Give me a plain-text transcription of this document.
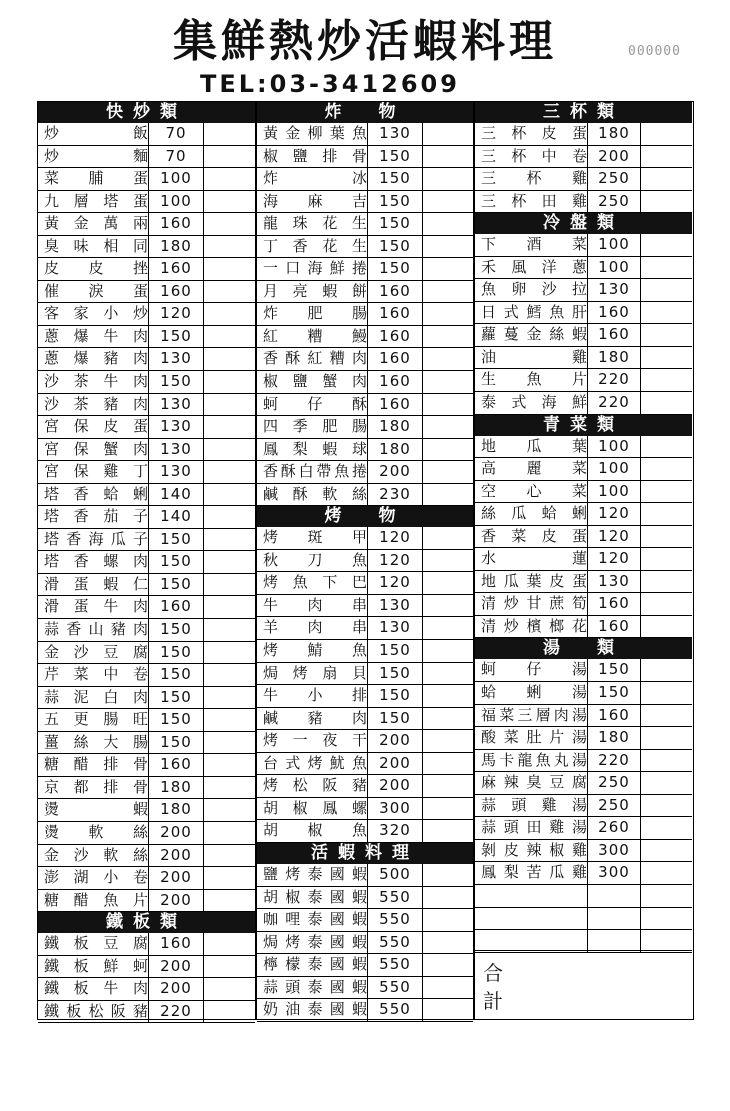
集鮮熱炒活蝦料理
TEL:03-3412609
000000
快炒類
炒飯	70
炒麵	70
菜脯蛋 100
九層塔蛋 100
黃金萬兩 160
臭味相同 180
皮皮挫 160
催淚蛋 160
客家小炒 120
蔥爆牛肉 150
蔥爆豬肉 130
沙茶牛肉 150
沙茶豬肉 130
宮保皮蛋 130
宮保蟹肉 130
宮保雞丁 130
塔香蛤蜊 140
塔香茄子 140
塔香海瓜子 150
塔香螺肉 150
滑蛋蝦仁 150
滑蛋牛肉 160
蒜香山豬肉 150
金沙豆腐 150
芹菜中卷 150
蒜泥白肉 150
五更腸旺 150
薑絲大腸 150
糖醋排骨 160
京都排骨 180
燙蝦 180
燙軟絲 200
金沙軟絲 200
澎湖小卷 200
糖醋魚片 200
鐵板類
鐵板豆腐 160
鐵板鮮蚵 200
鐵板牛肉 200
鐵板松阪豬 220
炸　物
黃金柳葉魚 130
椒鹽排骨 150
炸冰 150
海麻吉 150
龍珠花生 150
丁香花生 150
一口海鮮捲 150
月亮蝦餅 160
炸肥腸 160
紅糟鰻 160
香酥紅糟肉 160
椒鹽蟹肉 160
蚵仔酥 160
四季肥腸 180
鳳梨蝦球 180
香酥白帶魚捲 200
鹹酥軟絲 230
烤　物
烤斑甲 120
秋刀魚 120
烤魚下巴 120
牛肉串 130
羊肉串 130
烤鯖魚 150
焗烤扇貝 150
牛小排 150
鹹豬肉 150
烤一夜干 200
台式烤魷魚 200
烤松阪豬 200
胡椒鳳螺 300
胡椒魚 320
活蝦料理
鹽烤泰國蝦 500
胡椒泰國蝦 550
咖哩泰國蝦 550
焗烤泰國蝦 550
檸檬泰國蝦 550
蒜頭泰國蝦 550
奶油泰國蝦 550
三杯類
三杯皮蛋 180
三杯中卷 200
三杯雞 250
三杯田雞 250
冷盤類
下酒菜 100
禾風洋蔥 100
魚卵沙拉 130
日式鱈魚肝 160
蘿蔓金絲蝦 160
油雞 180
生魚片 220
泰式海鮮 220
青菜類
地瓜葉 100
高麗菜 100
空心菜 100
絲瓜蛤蜊 120
香菜皮蛋 120
水蓮 120
地瓜葉皮蛋 130
清炒甘蔗筍 160
清炒檳榔花 160
湯　類
蚵仔湯 150
蛤蜊湯 150
福菜三層肉湯 160
酸菜肚片湯 180
馬卡龍魚丸湯 220
麻辣臭豆腐 250
蒜頭雞湯 250
蒜頭田雞湯 260
剝皮辣椒雞 300
鳳梨苦瓜雞 300
合計
